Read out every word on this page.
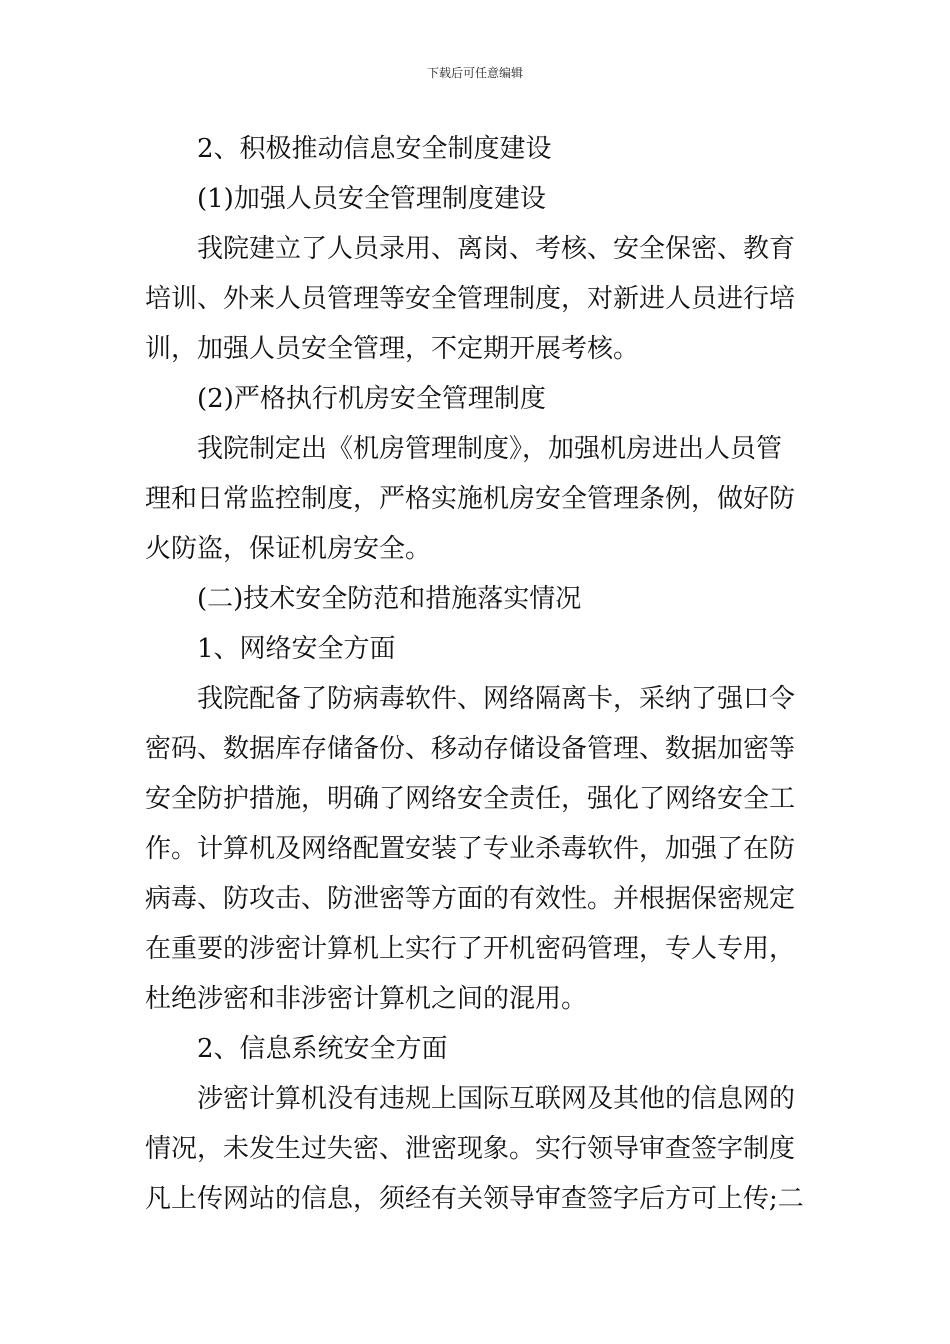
下载后可任意编辑
2、积极推动信息安全制度建设
(1)加强人员安全管理制度建设
我院建立了人员录用、离岗、考核、安全保密、教育
培训、外来人员管理等安全管理制度，对新进人员进行培
训，加强人员安全管理，不定期开展考核。
(2)严格执行机房安全管理制度
我院制定出《机房管理制度》，加强机房进出人员管
理和日常监控制度，严格实施机房安全管理条例，做好防
火防盗，保证机房安全。
(二)技术安全防范和措施落实情况
1、网络安全方面
我院配备了防病毒软件、网络隔离卡，采纳了强口令
密码、数据库存储备份、移动存储设备管理、数据加密等
安全防护措施，明确了网络安全责任，强化了网络安全工
作。计算机及网络配置安装了专业杀毒软件，加强了在防
病毒、防攻击、防泄密等方面的有效性。并根据保密规定
在重要的涉密计算机上实行了开机密码管理，专人专用，
杜绝涉密和非涉密计算机之间的混用。
2、信息系统安全方面
涉密计算机没有违规上国际互联网及其他的信息网的
情况，未发生过失密、泄密现象。实行领导审查签字制度
凡上传网站的信息，须经有关领导审查签字后方可上传;二
